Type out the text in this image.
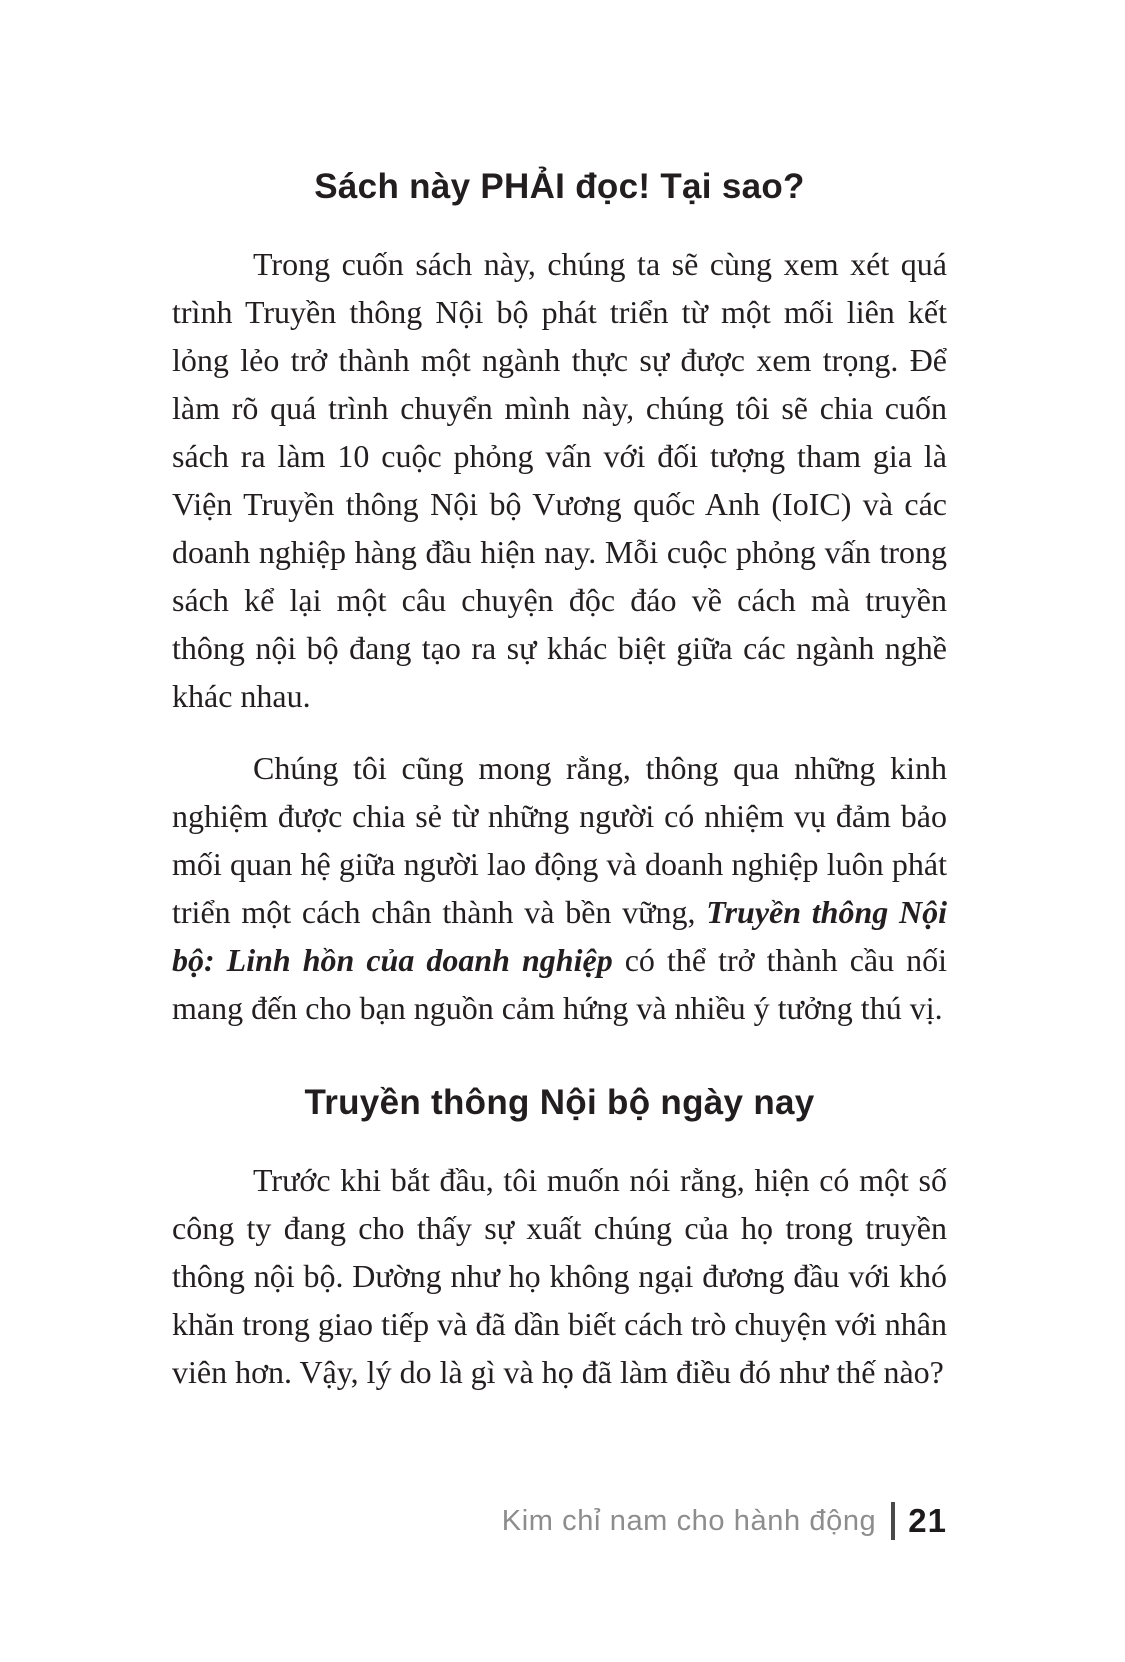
Sách này PHẢI đọc! Tại sao?

Trong cuốn sách này, chúng ta sẽ cùng xem xét quá trình Truyền thông Nội bộ phát triển từ một mối liên kết lỏng lẻo trở thành một ngành thực sự được xem trọng. Để làm rõ quá trình chuyển mình này, chúng tôi sẽ chia cuốn sách ra làm 10 cuộc phỏng vấn với đối tượng tham gia là Viện Truyền thông Nội bộ Vương quốc Anh (IoIC) và các doanh nghiệp hàng đầu hiện nay. Mỗi cuộc phỏng vấn trong sách kể lại một câu chuyện độc đáo về cách mà truyền thông nội bộ đang tạo ra sự khác biệt giữa các ngành nghề khác nhau.

Chúng tôi cũng mong rằng, thông qua những kinh nghiệm được chia sẻ từ những người có nhiệm vụ đảm bảo mối quan hệ giữa người lao động và doanh nghiệp luôn phát triển một cách chân thành và bền vững, Truyền thông Nội bộ: Linh hồn của doanh nghiệp có thể trở thành cầu nối mang đến cho bạn nguồn cảm hứng và nhiều ý tưởng thú vị.

Truyền thông Nội bộ ngày nay

Trước khi bắt đầu, tôi muốn nói rằng, hiện có một số công ty đang cho thấy sự xuất chúng của họ trong truyền thông nội bộ. Dường như họ không ngại đương đầu với khó khăn trong giao tiếp và đã dần biết cách trò chuyện với nhân viên hơn. Vậy, lý do là gì và họ đã làm điều đó như thế nào?

Kim chỉ nam cho hành động 21
